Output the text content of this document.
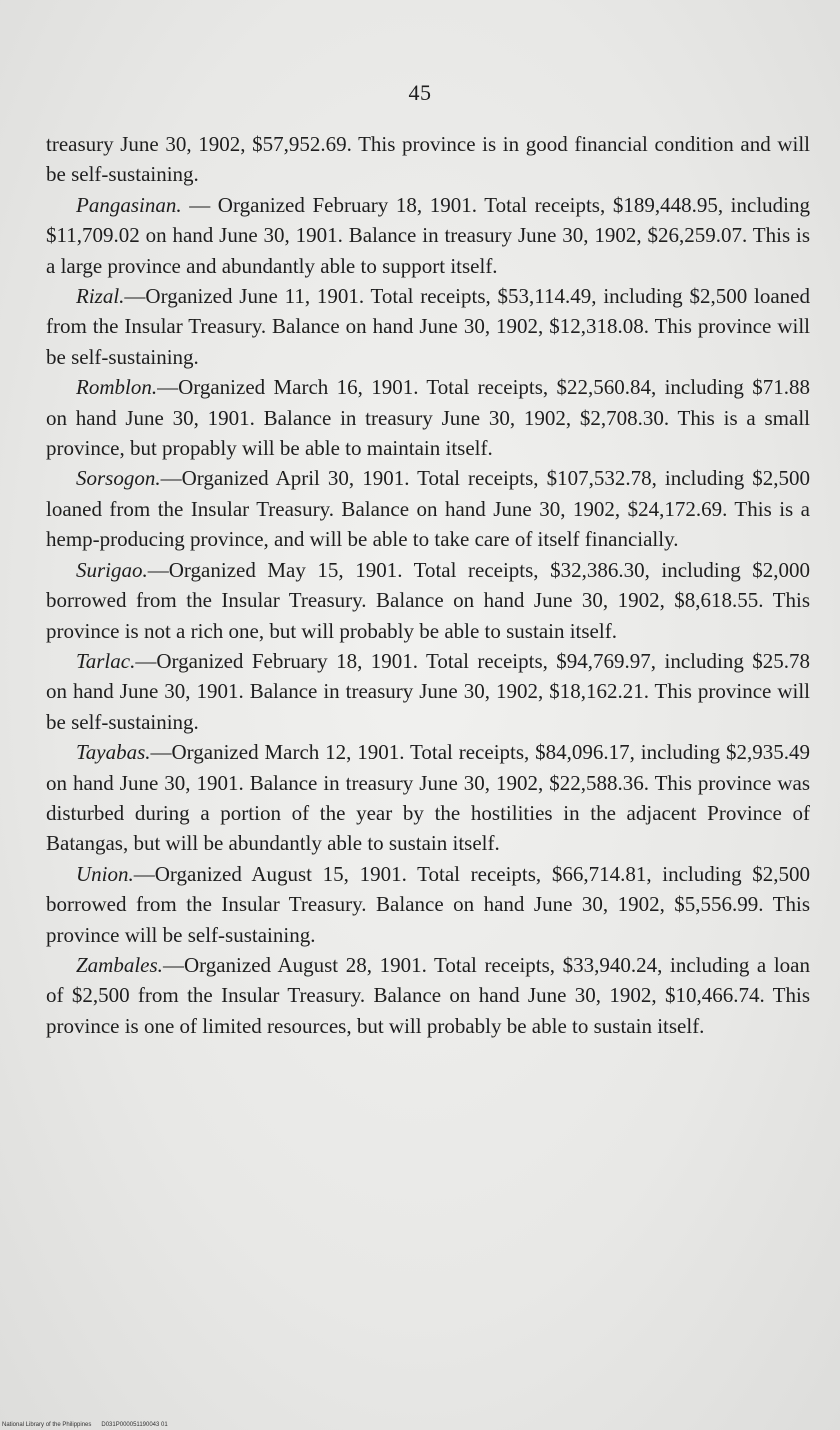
45

treasury June 30, 1902, $57,952.69. This province is in good financial condition and will be self-sustaining.

Pangasinan. — Organized February 18, 1901. Total receipts, $189,448.95, including $11,709.02 on hand June 30, 1901. Balance in treasury June 30, 1902, $26,259.07. This is a large province and abundantly able to support itself.

Rizal.—Organized June 11, 1901. Total receipts, $53,114.49, including $2,500 loaned from the Insular Treasury. Balance on hand June 30, 1902, $12,318.08. This province will be self-sustaining.

Romblon.—Organized March 16, 1901. Total receipts, $22,560.84, including $71.88 on hand June 30, 1901. Balance in treasury June 30, 1902, $2,708.30. This is a small province, but propably will be able to maintain itself.

Sorsogon.—Organized April 30, 1901. Total receipts, $107,532.78, including $2,500 loaned from the Insular Treasury. Balance on hand June 30, 1902, $24,172.69. This is a hemp-producing province, and will be able to take care of itself financially.

Surigao.—Organized May 15, 1901. Total receipts, $32,386.30, including $2,000 borrowed from the Insular Treasury. Balance on hand June 30, 1902, $8,618.55. This province is not a rich one, but will probably be able to sustain itself.

Tarlac.—Organized February 18, 1901. Total receipts, $94,769.97, including $25.78 on hand June 30, 1901. Balance in treasury June 30, 1902, $18,162.21. This province will be self-sustaining.

Tayabas.—Organized March 12, 1901. Total receipts, $84,096.17, including $2,935.49 on hand June 30, 1901. Balance in treasury June 30, 1902, $22,588.36. This province was disturbed during a portion of the year by the hostilities in the adjacent Province of Batangas, but will be abundantly able to sustain itself.

Union.—Organized August 15, 1901. Total receipts, $66,714.81, including $2,500 borrowed from the Insular Treasury. Balance on hand June 30, 1902, $5,556.99. This province will be self-sustaining.

Zambales.—Organized August 28, 1901. Total receipts, $33,940.24, including a loan of $2,500 from the Insular Treasury. Balance on hand June 30, 1902, $10,466.74. This province is one of limited resources, but will probably be able to sustain itself.

National Library of the Philippines D031P000051190043 01
